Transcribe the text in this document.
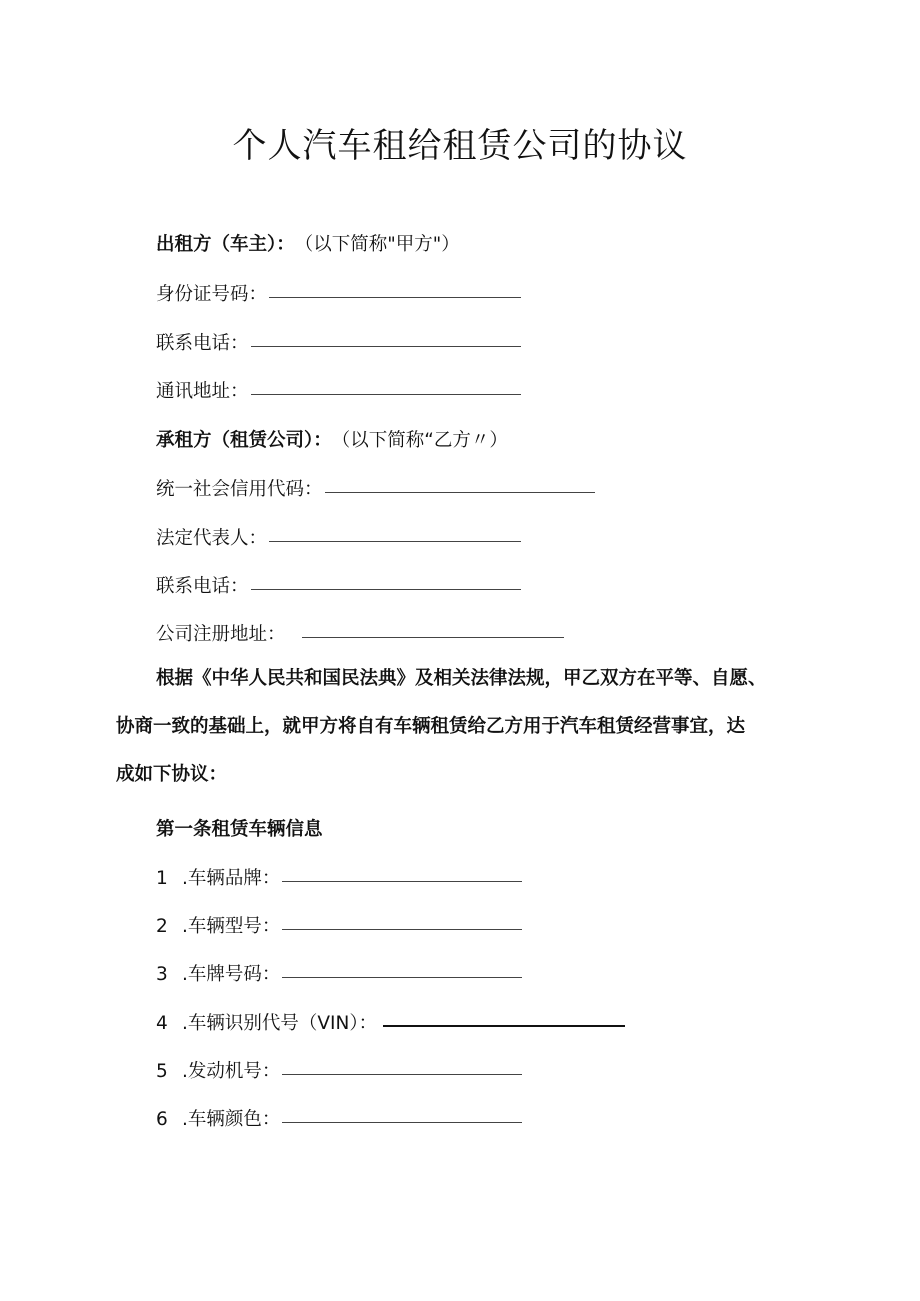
个人汽车租给租赁公司的协议
出租方（车主）： （以下简称"甲方"）
身份证号码：
联系电话：
通讯地址：
承租方（租赁公司）： （以下简称“乙方〃）
统一社会信用代码：
法定代表人：
联系电话：
公司注册地址：
根据《中华人民共和国民法典》及相关法律法规，甲乙双方在平等、自愿、
协商一致的基础上，就甲方将自有车辆租赁给乙方用于汽车租赁经营事宜，达
成如下协议：
第一条租赁车辆信息
1 .车辆品牌：
2 .车辆型号：
3 .车牌号码：
4 .车辆识别代号（VIN）：
5 .发动机号：
6 .车辆颜色：
